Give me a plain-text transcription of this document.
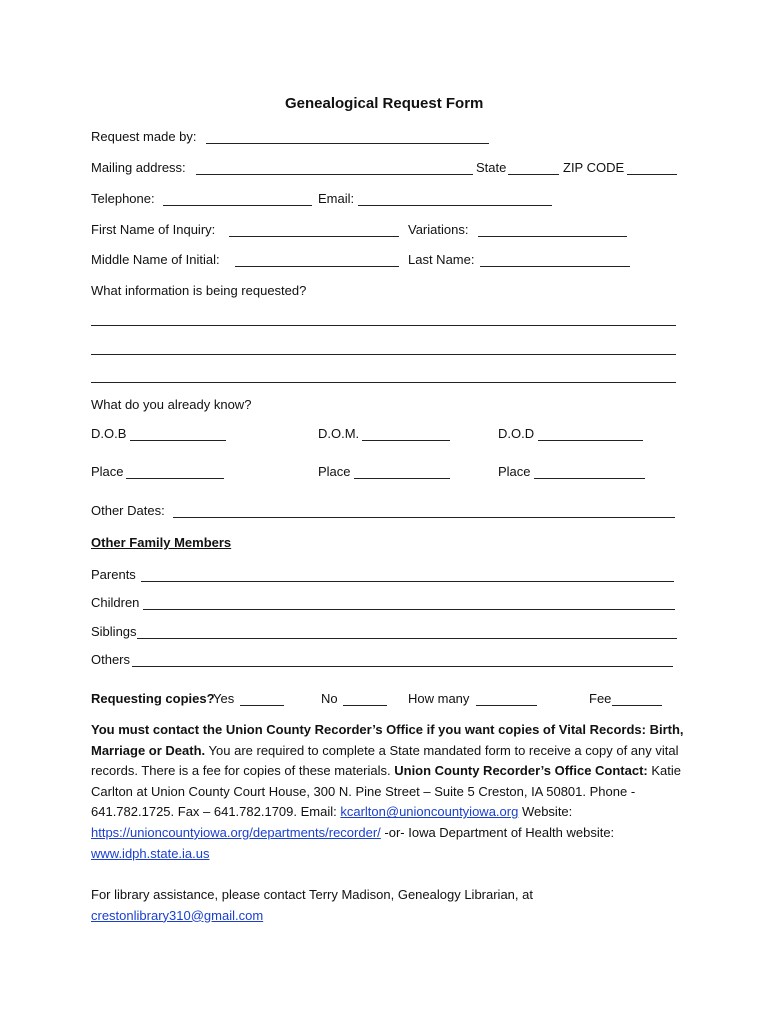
Genealogical Request Form
Request made by:
Mailing address:	State	ZIP CODE
Telephone:	Email:
First Name of Inquiry:	Variations:
Middle Name of Initial:	Last Name:
What information is being requested?
What do you already know?
D.O.B	D.O.M.	D.O.D
Place	Place	Place
Other Dates:
Other Family Members
Parents
Children
Siblings
Others
Requesting copies?
Yes	No	How many	Fee
You must contact the Union County Recorder’s Office if you want copies of Vital Records: Birth, Marriage or Death. You are required to complete a State mandated form to receive a copy of any vital records. There is a fee for copies of these materials. Union County Recorder’s Office Contact: Katie Carlton at Union County Court House, 300 N. Pine Street – Suite 5 Creston, IA 50801. Phone - 641.782.1725. Fax – 641.782.1709. Email: kcarlton@unioncountyiowa.org Website: https://unioncountyiowa.org/departments/recorder/ -or- Iowa Department of Health website: www.idph.state.ia.us
For library assistance, please contact Terry Madison, Genealogy Librarian, at crestonlibrary310@gmail.com
